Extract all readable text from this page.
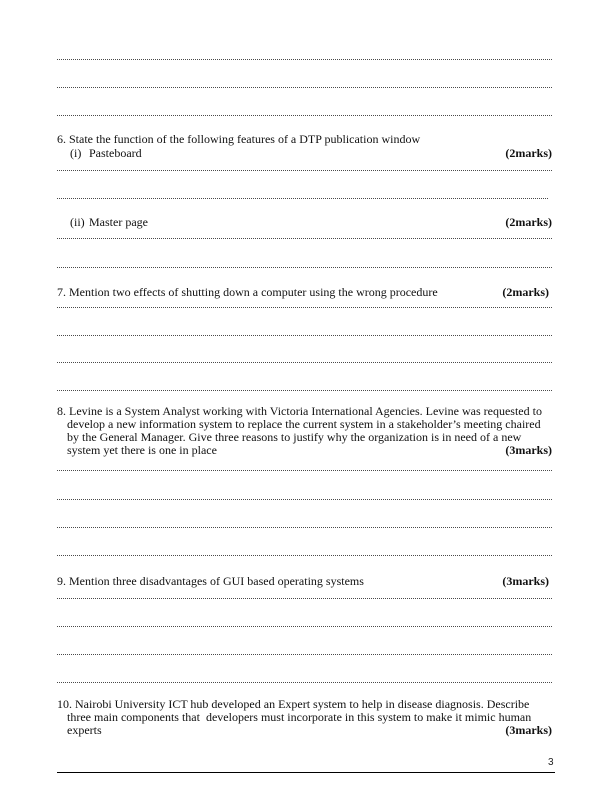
6. State the function of the following features of a DTP publication window
(i) Pasteboard	(2marks)
(ii) Master page	(2marks)
7. Mention two effects of shutting down a computer using the wrong procedure	(2marks)
8. Levine is a System Analyst working with Victoria International Agencies. Levine was requested to
develop a new information system to replace the current system in a stakeholder’s meeting chaired
by the General Manager. Give three reasons to justify why the organization is in need of a new
system yet there is one in place	(3marks)
9. Mention three disadvantages of GUI based operating systems	(3marks)
10. Nairobi University ICT hub developed an Expert system to help in disease diagnosis. Describe
three main components that  developers must incorporate in this system to make it mimic human
experts	(3marks)
3
